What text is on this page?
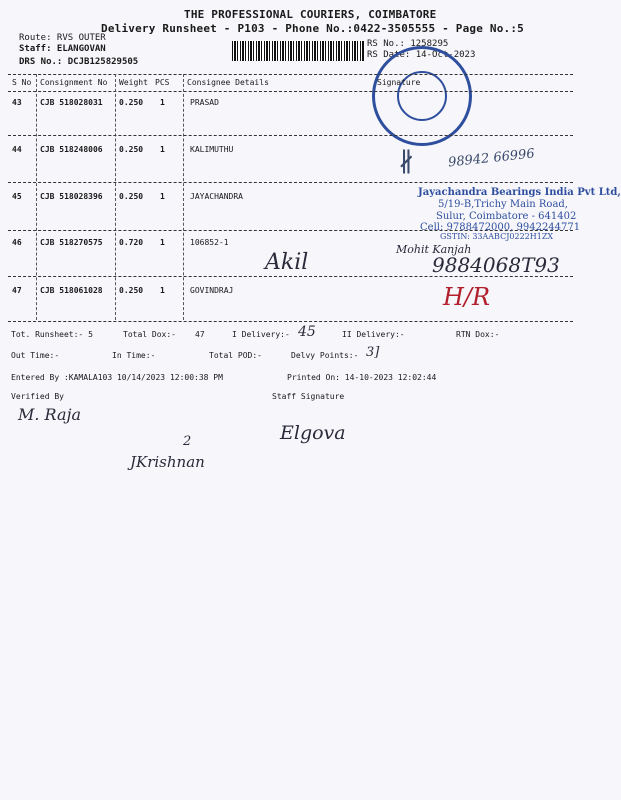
THE PROFESSIONAL COURIERS, COIMBATORE
Delivery Runsheet - P103 - Phone No.:0422-3505555 - Page No.:5
Route: RVS OUTER
Staff: ELANGOVAN
DRS No.: DCJB125829505
RS No.: 1258295
RS Date: 14-Oct-2023
S No Consignment No Weight PCS Consignee Details	Signature
43 CJB 518028031 0.250 1	PRASAD
44 CJB 518248006 0.250 1	KALIMUTHU
45 CJB 518028396 0.250 1	JAYACHANDRA
46 CJB 518270575 0.720 1	106852-1
47 CJB 518061028 0.250 1	GOVINDRAJ
Jayachandra Bearings India Pvt Ltd,
5/19-B,Trichy Main Road,
Sulur, Coimbatore - 641402
Cell: 9788472000, 9942244771
GSTIN: 33AABCJ0222H1ZX
98942 66996
∦
Akil
Mohit Kanjah
9884068T93
H/R
Tot. Runsheet:- 5	Total Dox:- 47	I Delivery:- 45	II Delivery:-	RTN Dox:-
Out Time:-	In Time:-	Total POD:-	Delvy Points:- 3]
Entered By :KAMALA103 10/14/2023 12:00:38 PM	Printed On: 14-10-2023 12:02:44
Verified By	Staff Signature
M. Raja
2
JKrishnan
Elgova
